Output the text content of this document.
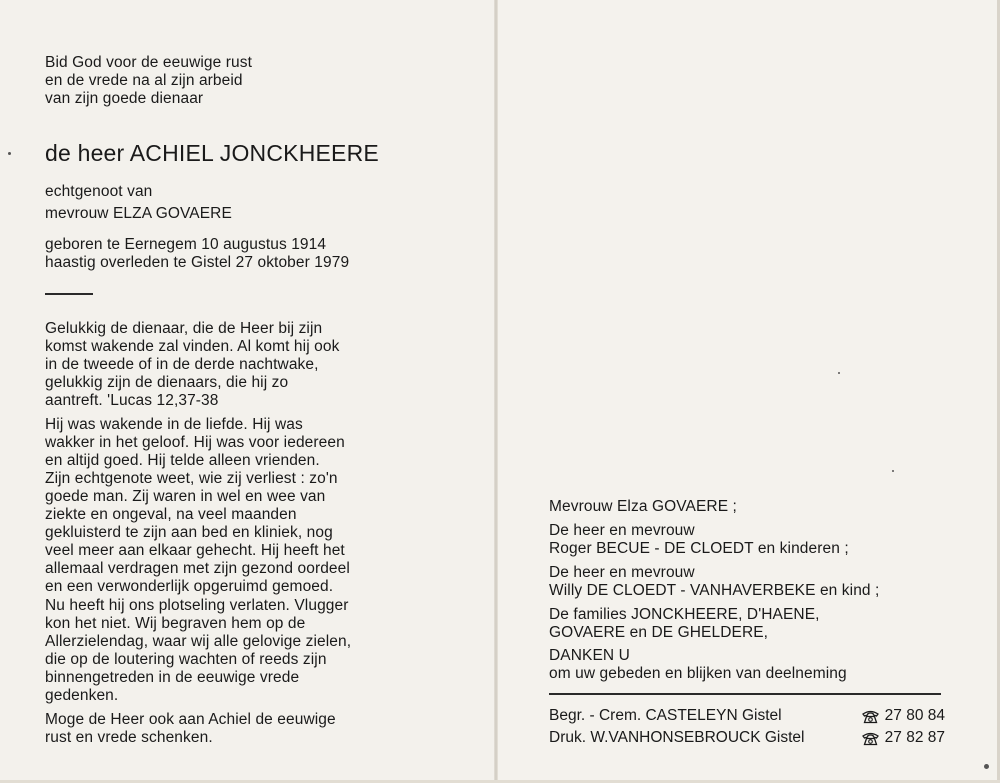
Bid God voor de eeuwige rust
en de vrede na al zijn arbeid
van zijn goede dienaar
de heer ACHIEL JONCKHEERE
echtgenoot van
mevrouw ELZA GOVAERE
geboren te Eernegem 10 augustus 1914
haastig overleden te Gistel 27 oktober 1979
Gelukkig de dienaar, die de Heer bij zijn
komst wakende zal vinden. Al komt hij ook
in de tweede of in de derde nachtwake,
gelukkig zijn de dienaars, die hij zo
aantreft. 'Lucas 12,37-38
Hij was wakende in de liefde. Hij was
wakker in het geloof. Hij was voor iedereen
en altijd goed. Hij telde alleen vrienden.
Zijn echtgenote weet, wie zij verliest : zo'n
goede man. Zij waren in wel en wee van
ziekte en ongeval, na veel maanden
gekluisterd te zijn aan bed en kliniek, nog
veel meer aan elkaar gehecht. Hij heeft het
allemaal verdragen met zijn gezond oordeel
en een verwonderlijk opgeruimd gemoed.
Nu heeft hij ons plotseling verlaten. Vlugger
kon het niet. Wij begraven hem op de
Allerzielendag, waar wij alle gelovige zielen,
die op de loutering wachten of reeds zijn
binnengetreden in de eeuwige vrede
gedenken.
Moge de Heer ook aan Achiel de eeuwige
rust en vrede schenken.
Mevrouw Elza GOVAERE ;
De heer en mevrouw
Roger BECUE - DE CLOEDT en kinderen ;
De heer en mevrouw
Willy DE CLOEDT - VANHAVERBEKE en kind ;
De families JONCKHEERE, D'HAENE,
GOVAERE en DE GHELDERE,
DANKEN U
om uw gebeden en blijken van deelneming
Begr. - Crem. CASTELEYN Gistel	27 80 84
Druk. W.VANHONSEBROUCK Gistel	27 82 87
